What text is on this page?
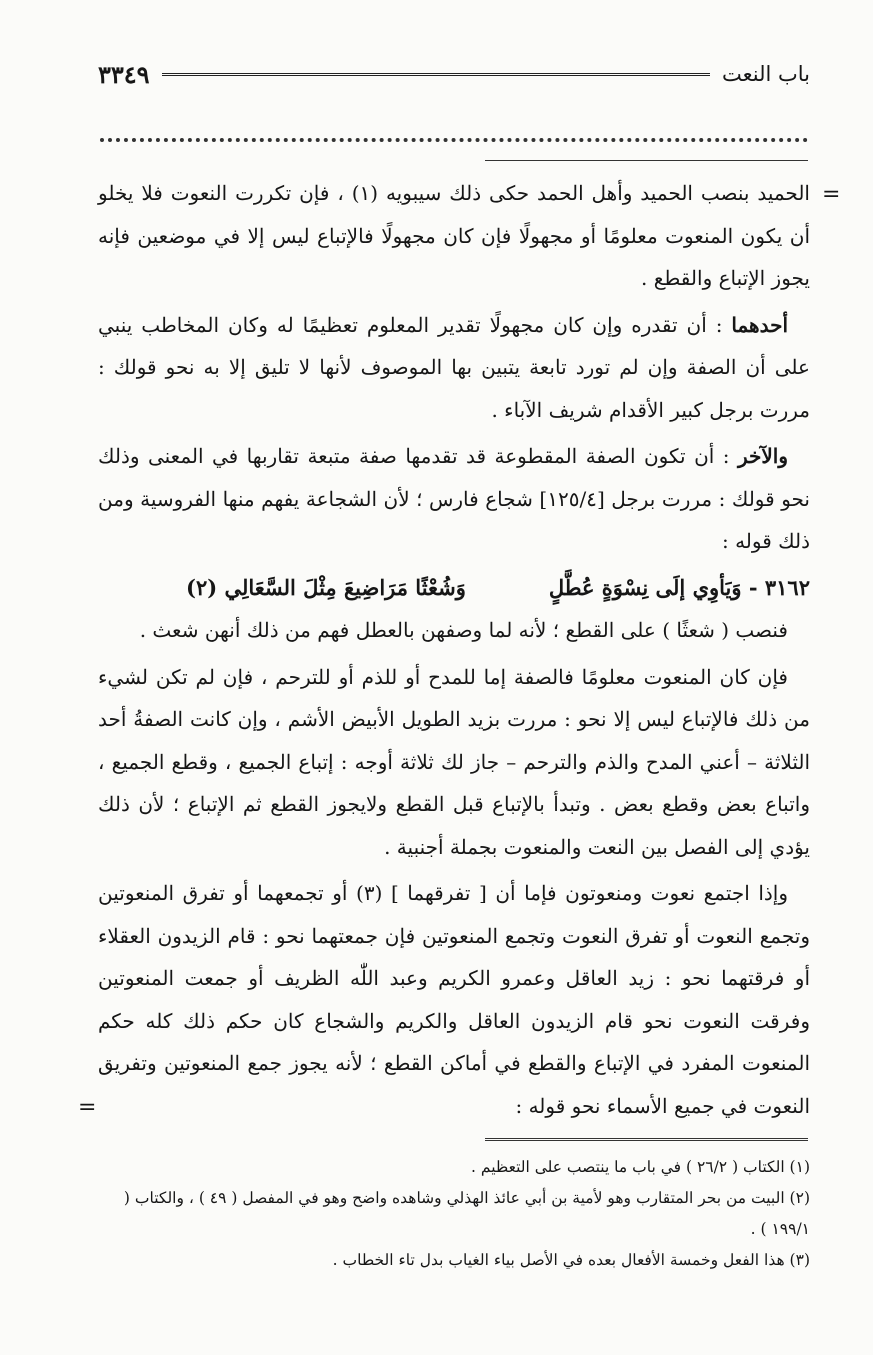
باب النعت
٣٣٤٩
=
=

الحميد بنصب الحميد وأهل الحمد حكى ذلك سيبويه (١) ، فإن تكررت النعوت فلا يخلو أن يكون المنعوت معلومًا أو مجهولًا فإن كان مجهولًا فالإتباع ليس إلا في موضعين فإنه يجوز الإتباع والقطع .

أحدهما : أن تقدره وإن كان مجهولًا تقدير المعلوم تعظيمًا له وكان المخاطب ينبي على أن الصفة وإن لم تورد تابعة يتبين بها الموصوف لأنها لا تليق إلا به نحو قولك : مررت برجل كبير الأقدام شريف الآباء .

والآخر : أن تكون الصفة المقطوعة قد تقدمها صفة متبعة تقاربها في المعنى وذلك نحو قولك : مررت برجل [١٢٥/٤] شجاع فارس ؛ لأن الشجاعة يفهم منها الفروسية ومن ذلك قوله :

٣١٦٢ - وَيَأوِي إلَى نِسْوَةٍ عُطَّلٍ
وَشُعْثًا مَرَاضِيعَ مِثْلَ السَّعَالِي (٢)

فنصب ( شعثًا ) على القطع ؛ لأنه لما وصفهن بالعطل فهم من ذلك أنهن شعث .

فإن كان المنعوت معلومًا فالصفة إما للمدح أو للذم أو للترحم ، فإن لم تكن لشيء من ذلك فالإتباع ليس إلا نحو : مررت بزيد الطويل الأبيض الأشم ، وإن كانت الصفةُ أحد الثلاثة – أعني المدح والذم والترحم – جاز لك ثلاثة أوجه : إتباع الجميع ، وقطع الجميع ، واتباع بعض وقطع بعض . وتبدأ بالإتباع قبل القطع ولايجوز القطع ثم الإتباع ؛ لأن ذلك يؤدي إلى الفصل بين النعت والمنعوت بجملة أجنبية .

وإذا اجتمع نعوت ومنعوتون فإما أن [ تفرقهما ] (٣) أو تجمعهما أو تفرق المنعوتين وتجمع النعوت أو تفرق النعوت وتجمع المنعوتين فإن جمعتهما نحو : قام الزيدون العقلاء أو فرقتهما نحو : زيد العاقل وعمرو الكريم وعبد اللّٰه الظريف أو جمعت المنعوتين وفرقت النعوت نحو قام الزيدون العاقل والكريم والشجاع كان حكم ذلك كله حكم المنعوت المفرد في الإتباع والقطع في أماكن القطع ؛ لأنه يجوز جمع المنعوتين وتفريق النعوت في جميع الأسماء نحو قوله :

(١) الكتاب ( ٢٦/٢ ) في باب ما ينتصب على التعظيم .

(٢) البيت من بحر المتقارب وهو لأمية بن أبي عائذ الهذلي وشاهده واضح وهو في المفصل ( ٤٩ ) ، والكتاب ( ١٩٩/١ ) .

(٣) هذا الفعل وخمسة الأفعال بعده في الأصل بياء الغياب بدل تاء الخطاب .
